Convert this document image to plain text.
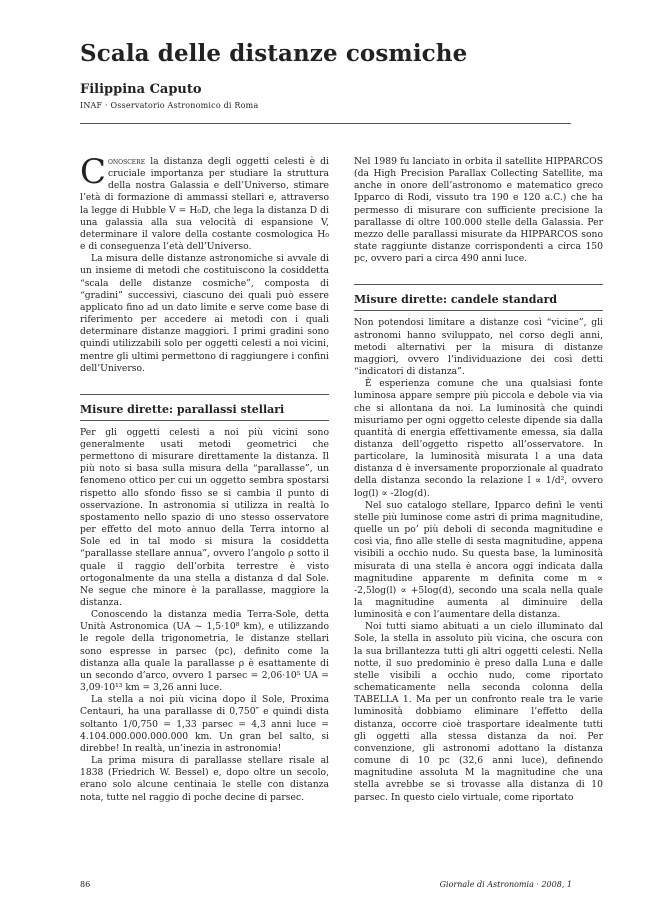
Scala delle distanze cosmiche
Filippina Caputo
INAF · Osservatorio Astronomico di Roma

Conoscere la distanza degli oggetti celesti è di cruciale importanza per studiare la struttura della nostra Galassia e dell’Universo, stimare l’età di formazione di ammassi stellari e, attraverso la legge di Hubble V = H₀D, che lega la distanza D di una galassia alla sua velocità di espansione V, determinare il valore della costante cosmologica H₀ e di conseguenza l’età dell’Universo.

La misura delle distanze astronomiche si avvale di un insieme di metodi che costituiscono la cosiddetta “scala delle distanze cosmiche”, composta di “gradini” successivi, ciascuno dei quali può essere applicato fino ad un dato limite e serve come base di riferimento per accedere ai metodi con i quali determinare distanze maggiori. I primi gradini sono quindi utilizzabili solo per oggetti celesti a noi vicini, mentre gli ultimi permettono di raggiungere i confini dell’Universo.

Misure dirette: parallassi stellari

Per gli oggetti celesti a noi più vicini sono generalmente usati metodi geometrici che permettono di misurare direttamente la distanza. Il più noto si basa sulla misura della “parallasse”, un fenomeno ottico per cui un oggetto sembra spostarsi rispetto allo sfondo fisso se si cambia il punto di osservazione. In astronomia si utilizza in realtà lo spostamento nello spazio di uno stesso osservatore per effetto del moto annuo della Terra intorno al Sole ed in tal modo si misura la cosiddetta “parallasse stellare annua”, ovvero l’angolo ρ sotto il quale il raggio dell’orbita terrestre è visto ortogonalmente da una stella a distanza d dal Sole. Ne segue che minore è la parallasse, maggiore la distanza.

Conoscendo la distanza media Terra-Sole, detta Unità Astronomica (UA ~ 1,5·10⁸ km), e utilizzando le regole della trigonometria, le distanze stellari sono espresse in parsec (pc), definito come la distanza alla quale la parallasse ρ è esattamente di un secondo d’arco, ovvero 1 parsec = 2,06·10⁵ UA = 3,09·10¹³ km = 3,26 anni luce.

La stella a noi più vicina dopo il Sole, Proxima Centauri, ha una parallasse di 0,750″ e quindi dista soltanto 1/0,750 = 1,33 parsec = 4,3 anni luce = 4.104.000.000.000.000 km. Un gran bel salto, si direbbe! In realtà, un’inezia in astronomia!

La prima misura di parallasse stellare risale al 1838 (Friedrich W. Bessel) e, dopo oltre un secolo, erano solo alcune centinaia le stelle con distanza nota, tutte nel raggio di poche decine di parsec.

Nel 1989 fu lanciato in orbita il satellite HIPPARCOS (da High Precision Parallax Collecting Satellite, ma anche in onore dell’astronomo e matematico greco Ipparco di Rodi, vissuto tra 190 e 120 a.C.) che ha permesso di misurare con sufficiente precisione la parallasse di oltre 100.000 stelle della Galassia. Per mezzo delle parallassi misurate da HIPPARCOS sono state raggiunte distanze corrispondenti a circa 150 pc, ovvero pari a circa 490 anni luce.

Misure dirette: candele standard

Non potendosi limitare a distanze così “vicine”, gli astronomi hanno sviluppato, nel corso degli anni, metodi alternativi per la misura di distanze maggiori, ovvero l’individuazione dei così detti “indicatori di distanza”.

È esperienza comune che una qualsiasi fonte luminosa appare sempre più piccola e debole via via che si allontana da noi. La luminosità che quindi misuriamo per ogni oggetto celeste dipende sia dalla quantità di energia effettivamente emessa, sia dalla distanza dell’oggetto rispetto all’osservatore. In particolare, la luminosità misurata l a una data distanza d è inversamente proporzionale al quadrato della distanza secondo la relazione l ∝ 1/d², ovvero log(l) ∝ -2log(d).

Nel suo catalogo stellare, Ipparco definì le venti stelle più luminose come astri di prima magnitudine, quelle un po’ più deboli di seconda magnitudine e così via, fino alle stelle di sesta magnitudine, appena visibili a occhio nudo. Su questa base, la luminosità misurata di una stella è ancora oggi indicata dalla magnitudine apparente m definita come m ∝ -2,5log(l) ∝ +5log(d), secondo una scala nella quale la magnitudine aumenta al diminuire della luminosità e con l’aumentare della distanza.

Noi tutti siamo abituati a un cielo illuminato dal Sole, la stella in assoluto più vicina, che oscura con la sua brillantezza tutti gli altri oggetti celesti. Nella notte, il suo predominio è preso dalla Luna e dalle stelle visibili a occhio nudo, come riportato schematicamente nella seconda colonna della TABELLA 1. Ma per un confronto reale tra le varie luminosità dobbiamo eliminare l’effetto della distanza, occorre cioè trasportare idealmente tutti gli oggetti alla stessa distanza da noi. Per convenzione, gli astronomi adottano la distanza comune di 10 pc (32,6 anni luce), definendo magnitudine assoluta M la magnitudine che una stella avrebbe se si trovasse alla distanza di 10 parsec. In questo cielo virtuale, come riportato

86	Giornale di Astronomia · 2008, 1
